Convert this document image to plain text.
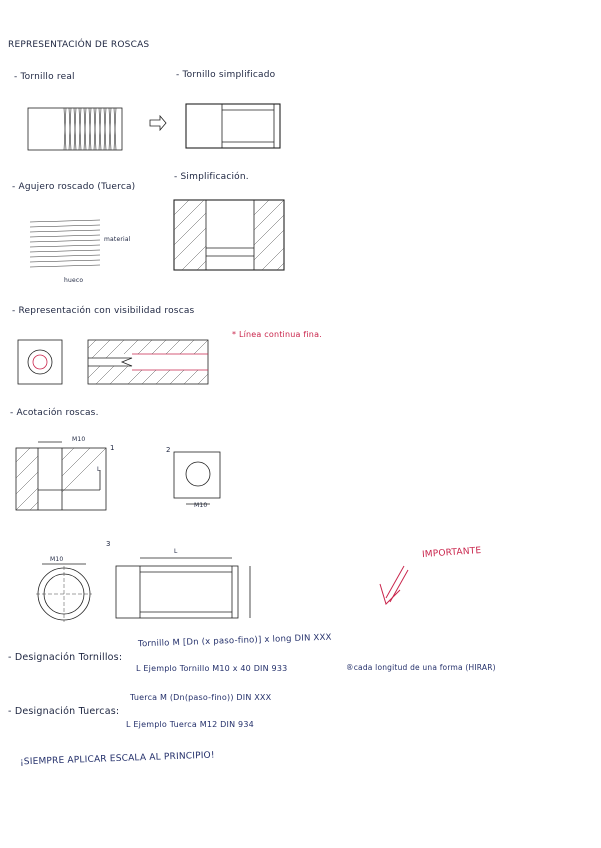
REPRESENTACIÓN DE ROSCAS
- Tornillo real	- Tornillo simplificado
- Agujero roscado (Tuerca)
- Simplificación.
material
hueco
- Representación con visibilidad roscas
* Línea continua fina.
- Acotación roscas.
M10
L
1	2
M10
3
M10
L	IMPORTANTE
- Designación Tornillos:
Tornillo M [Dn (x paso-fino)] x long DIN XXX
L Ejemplo Tornillo M10 x 40 DIN 933	®cada longitud de una forma (HIRAR)
- Designación Tuercas:
Tuerca M (Dn(paso-fino)) DIN XXX
L Ejemplo Tuerca M12 DIN 934
¡SIEMPRE APLICAR ESCALA AL PRINCIPIO!
